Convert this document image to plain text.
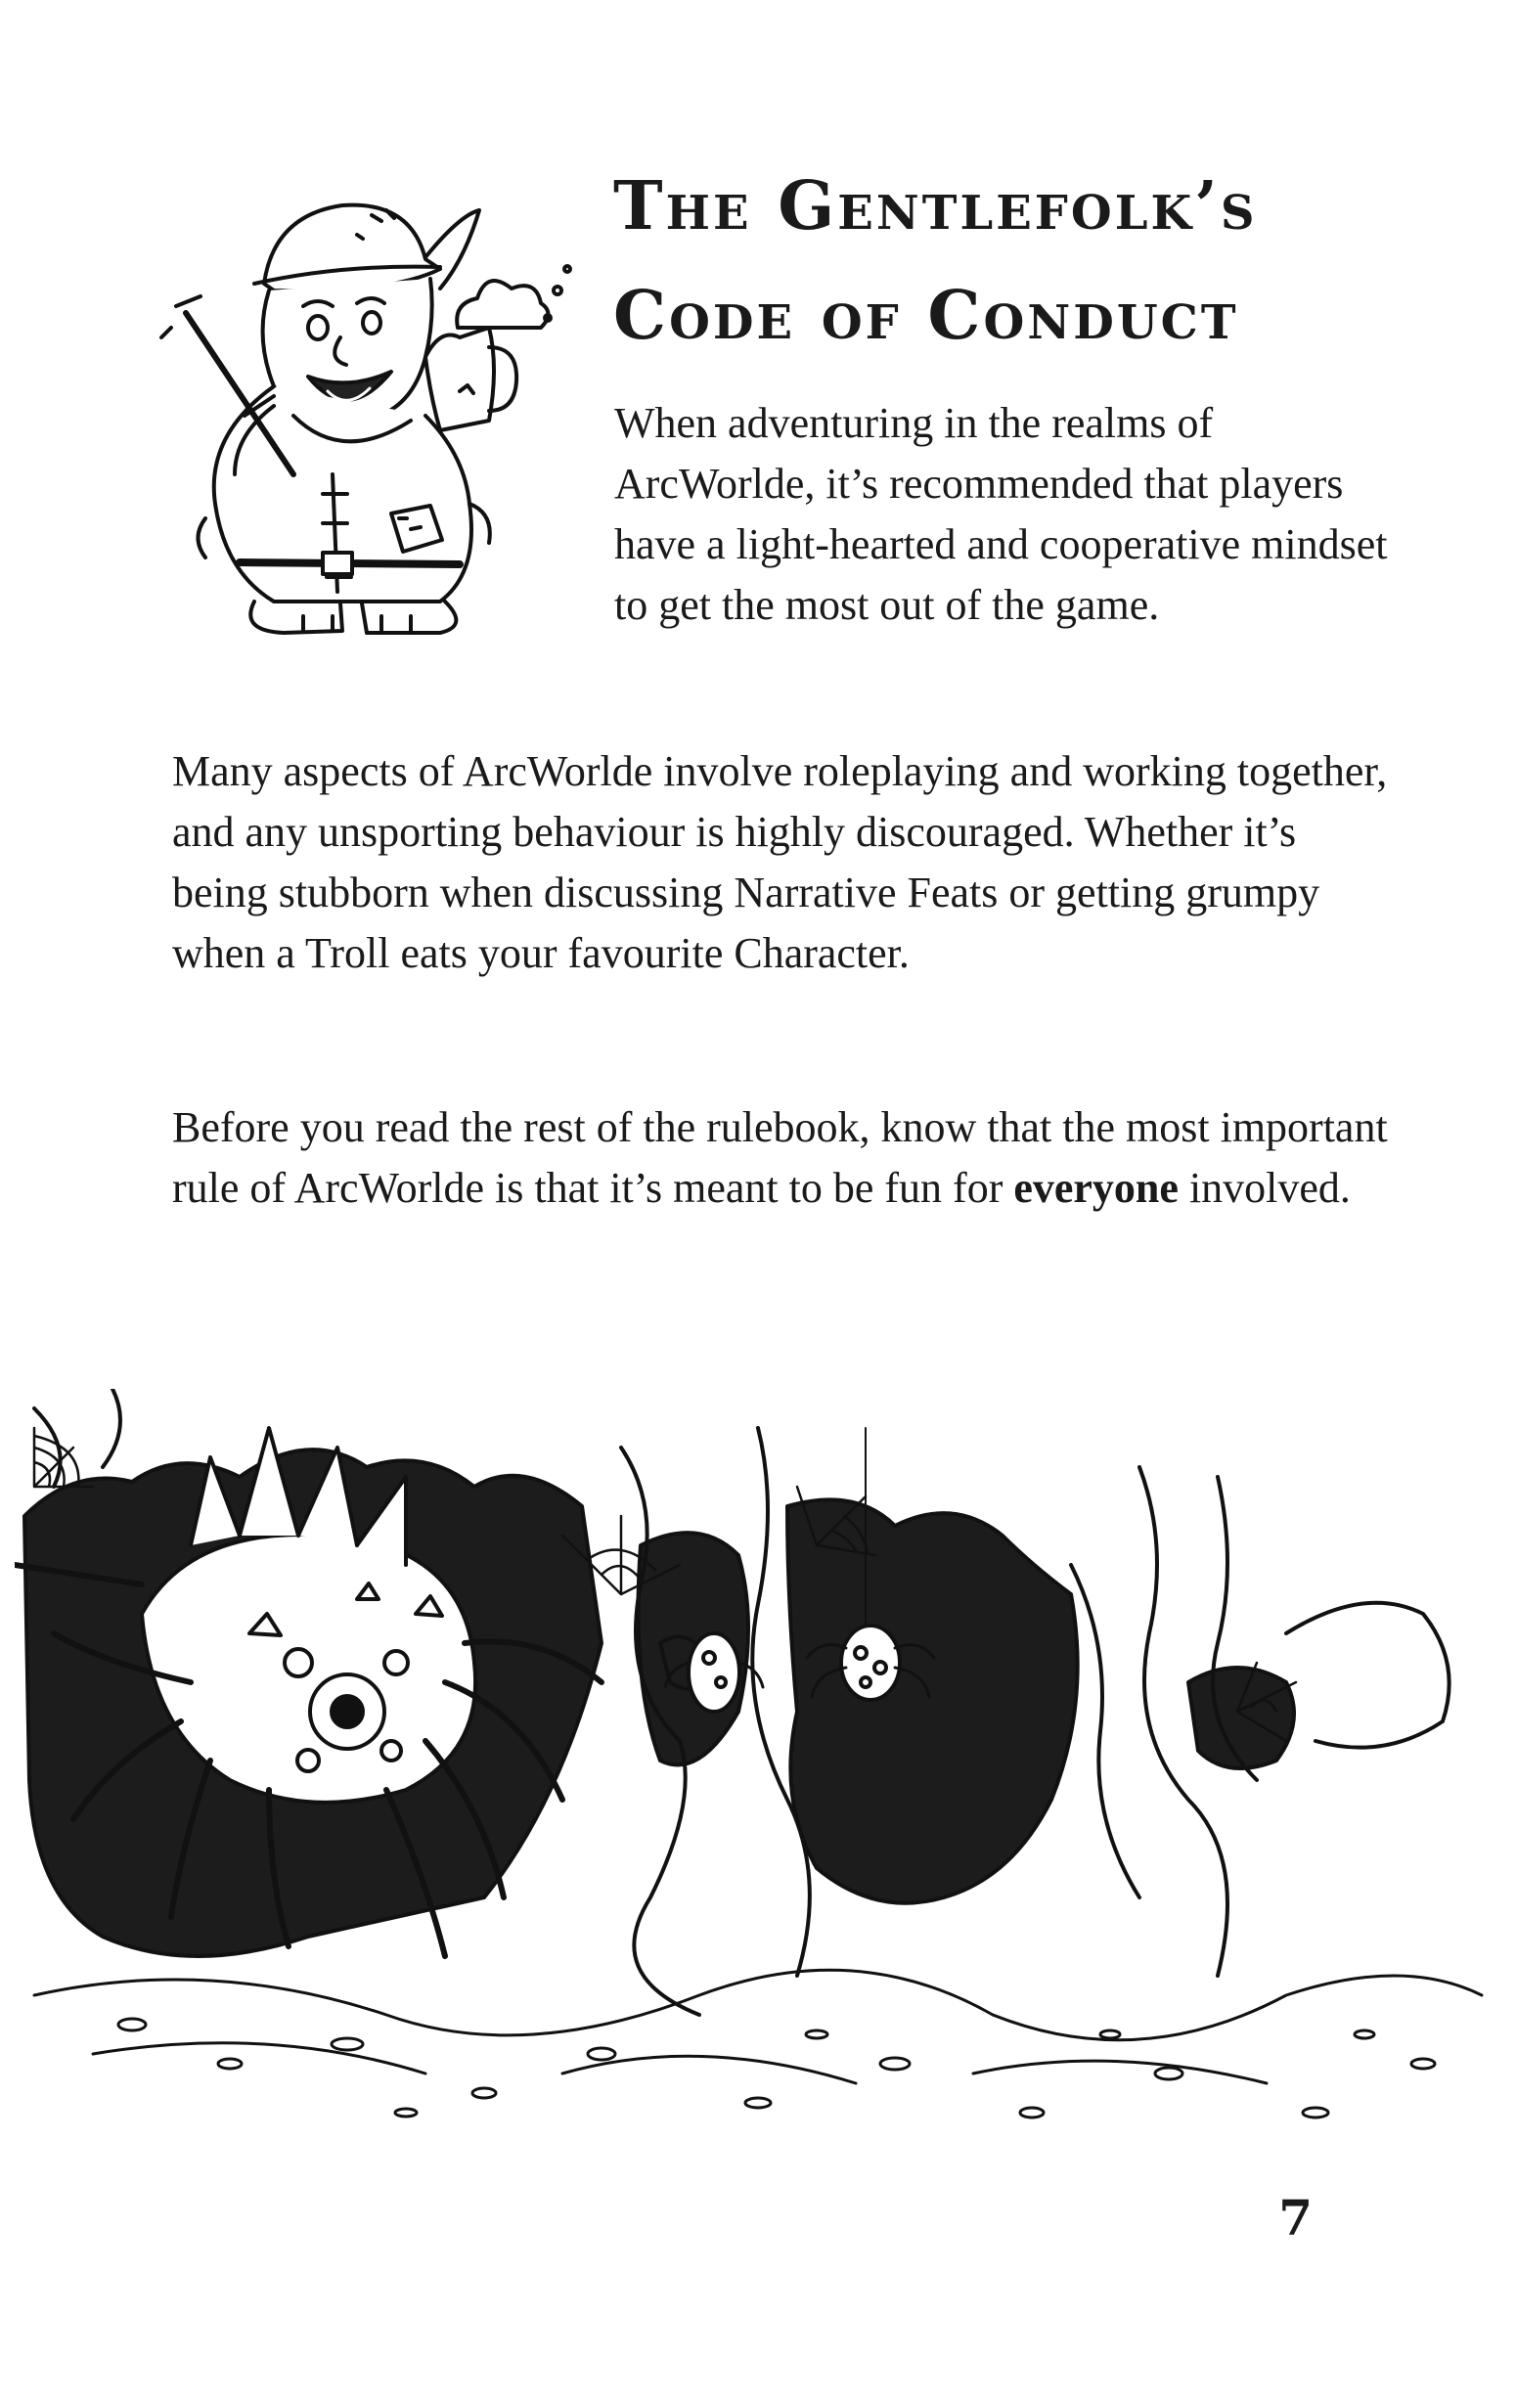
The Gentlefolk’s
Code of Conduct

When adventuring in the realms of ArcWorlde, it’s recommended that players have a light-hearted and cooperative mindset to get the most out of the game.

Many aspects of ArcWorlde involve roleplaying and working together, and any unsporting behaviour is highly discouraged. Whether it’s being stubborn when discussing Narrative Feats or getting grumpy when a Troll eats your favourite Character.

Before you read the rest of the rulebook, know that the most important rule of ArcWorlde is that it’s meant to be fun for everyone involved.

7
